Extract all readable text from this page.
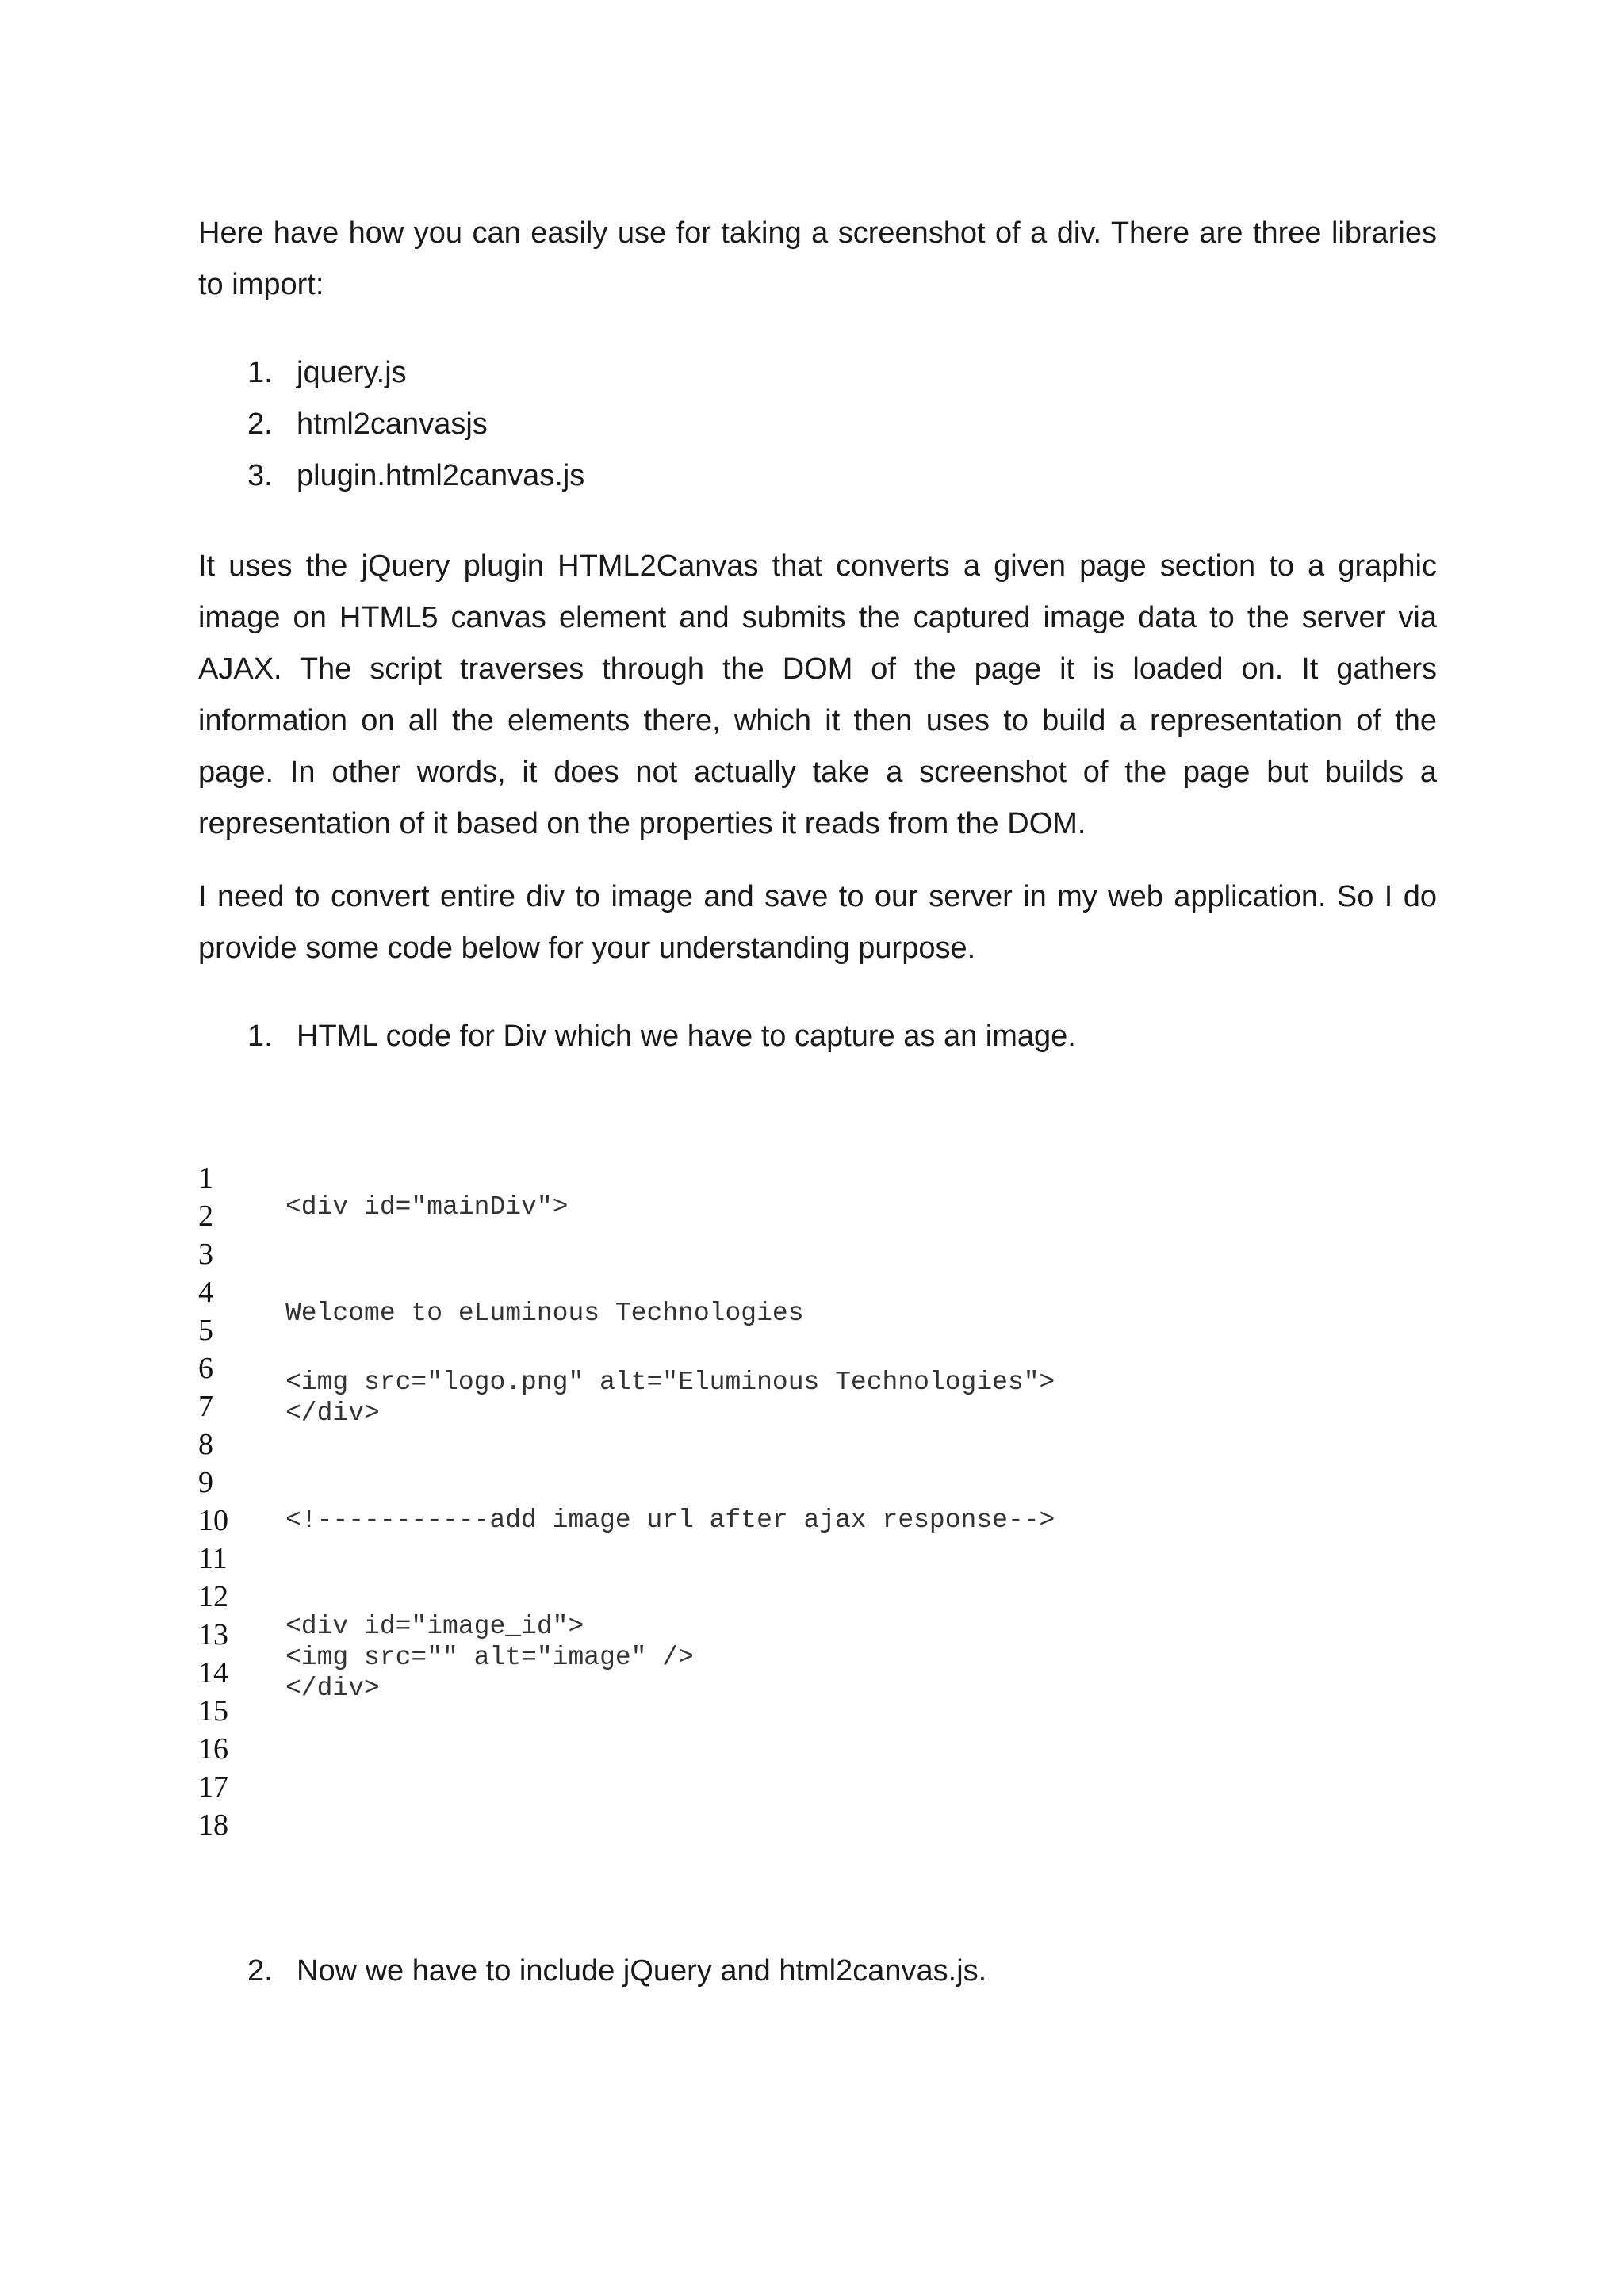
Here have how you can easily use for taking a screenshot of a div. There are three libraries to import:

1. jquery.js
2. html2canvasjs
3. plugin.html2canvas.js

It uses the jQuery plugin HTML2Canvas that converts a given page section to a graphic image on HTML5 canvas element and submits the captured image data to the server via AJAX. The script traverses through the DOM of the page it is loaded on. It gathers information on all the elements there, which it then uses to build a representation of the page. In other words, it does not actually take a screenshot of the page but builds a representation of it based on the properties it reads from the DOM.

I need to convert entire div to image and save to our server in my web application. So I do provide some code below for your understanding purpose.

1. HTML code for Div which we have to capture as an image.
1
2
3
4
5
6
7
8
9
10
11
12
13
14
15
16
17
18
<div id="mainDiv">
Welcome to eLuminous Technologies
<img src="logo.png" alt="Eluminous Technologies">
</div>
<!-----------add image url after ajax response-->
<div id="image_id">
<img src="" alt="image" />
</div>
2. Now we have to include jQuery and html2canvas.js.
